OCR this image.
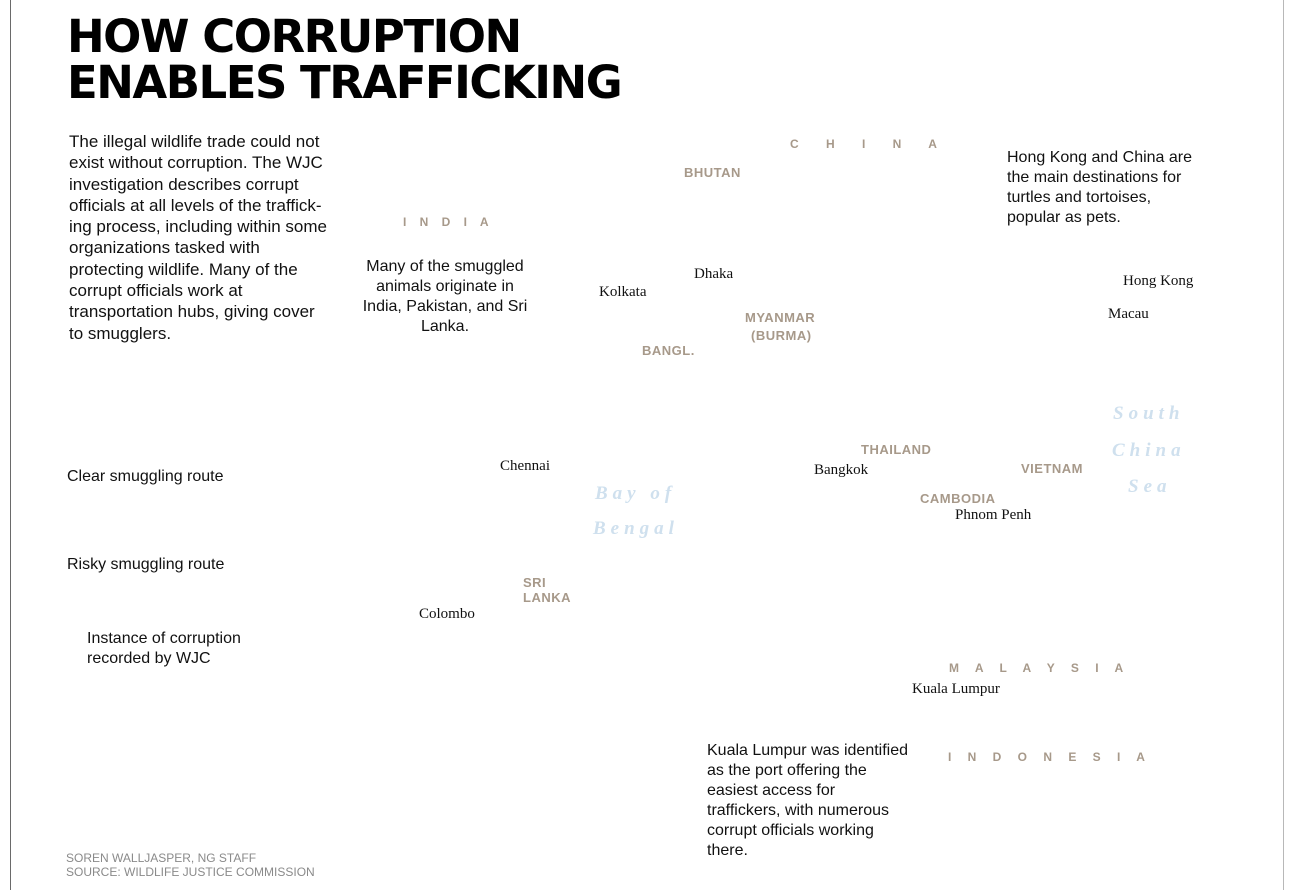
HOW CORRUPTION
ENABLES TRAFFICKING
The illegal wildlife trade could not exist without corruption. The WJC investigation describes corrupt officials at all levels of the traffick-ing process, including within some organizations tasked with protecting wildlife. Many of the corrupt officials work at transportation hubs, giving cover to smugglers.
C H I N A
BHUTAN
I N D I A
MYANMAR
(BURMA)
BANGL.
THAILAND
VIETNAM
CAMBODIA
SRI
LANKA
M A L A Y S I A
I N D O N E S I A
Kolkata
Dhaka	Hong Kong
Macau
Chennai	Bangkok
Phnom Penh
Colombo
Kuala Lumpur
Bay of
Bengal
South
China
Sea
Many of the smuggled animals originate in India, Pakistan, and Sri Lanka.
Hong Kong and China are the main destinations for turtles and tortoises, popular as pets.
Kuala Lumpur was identified as the port offering the easiest access for traffickers, with numerous corrupt officials working there.
Clear smuggling route
Risky smuggling route
Instance of corruption recorded by WJC
SOREN WALLJASPER, NG STAFF
SOURCE: WILDLIFE JUSTICE COMMISSION
